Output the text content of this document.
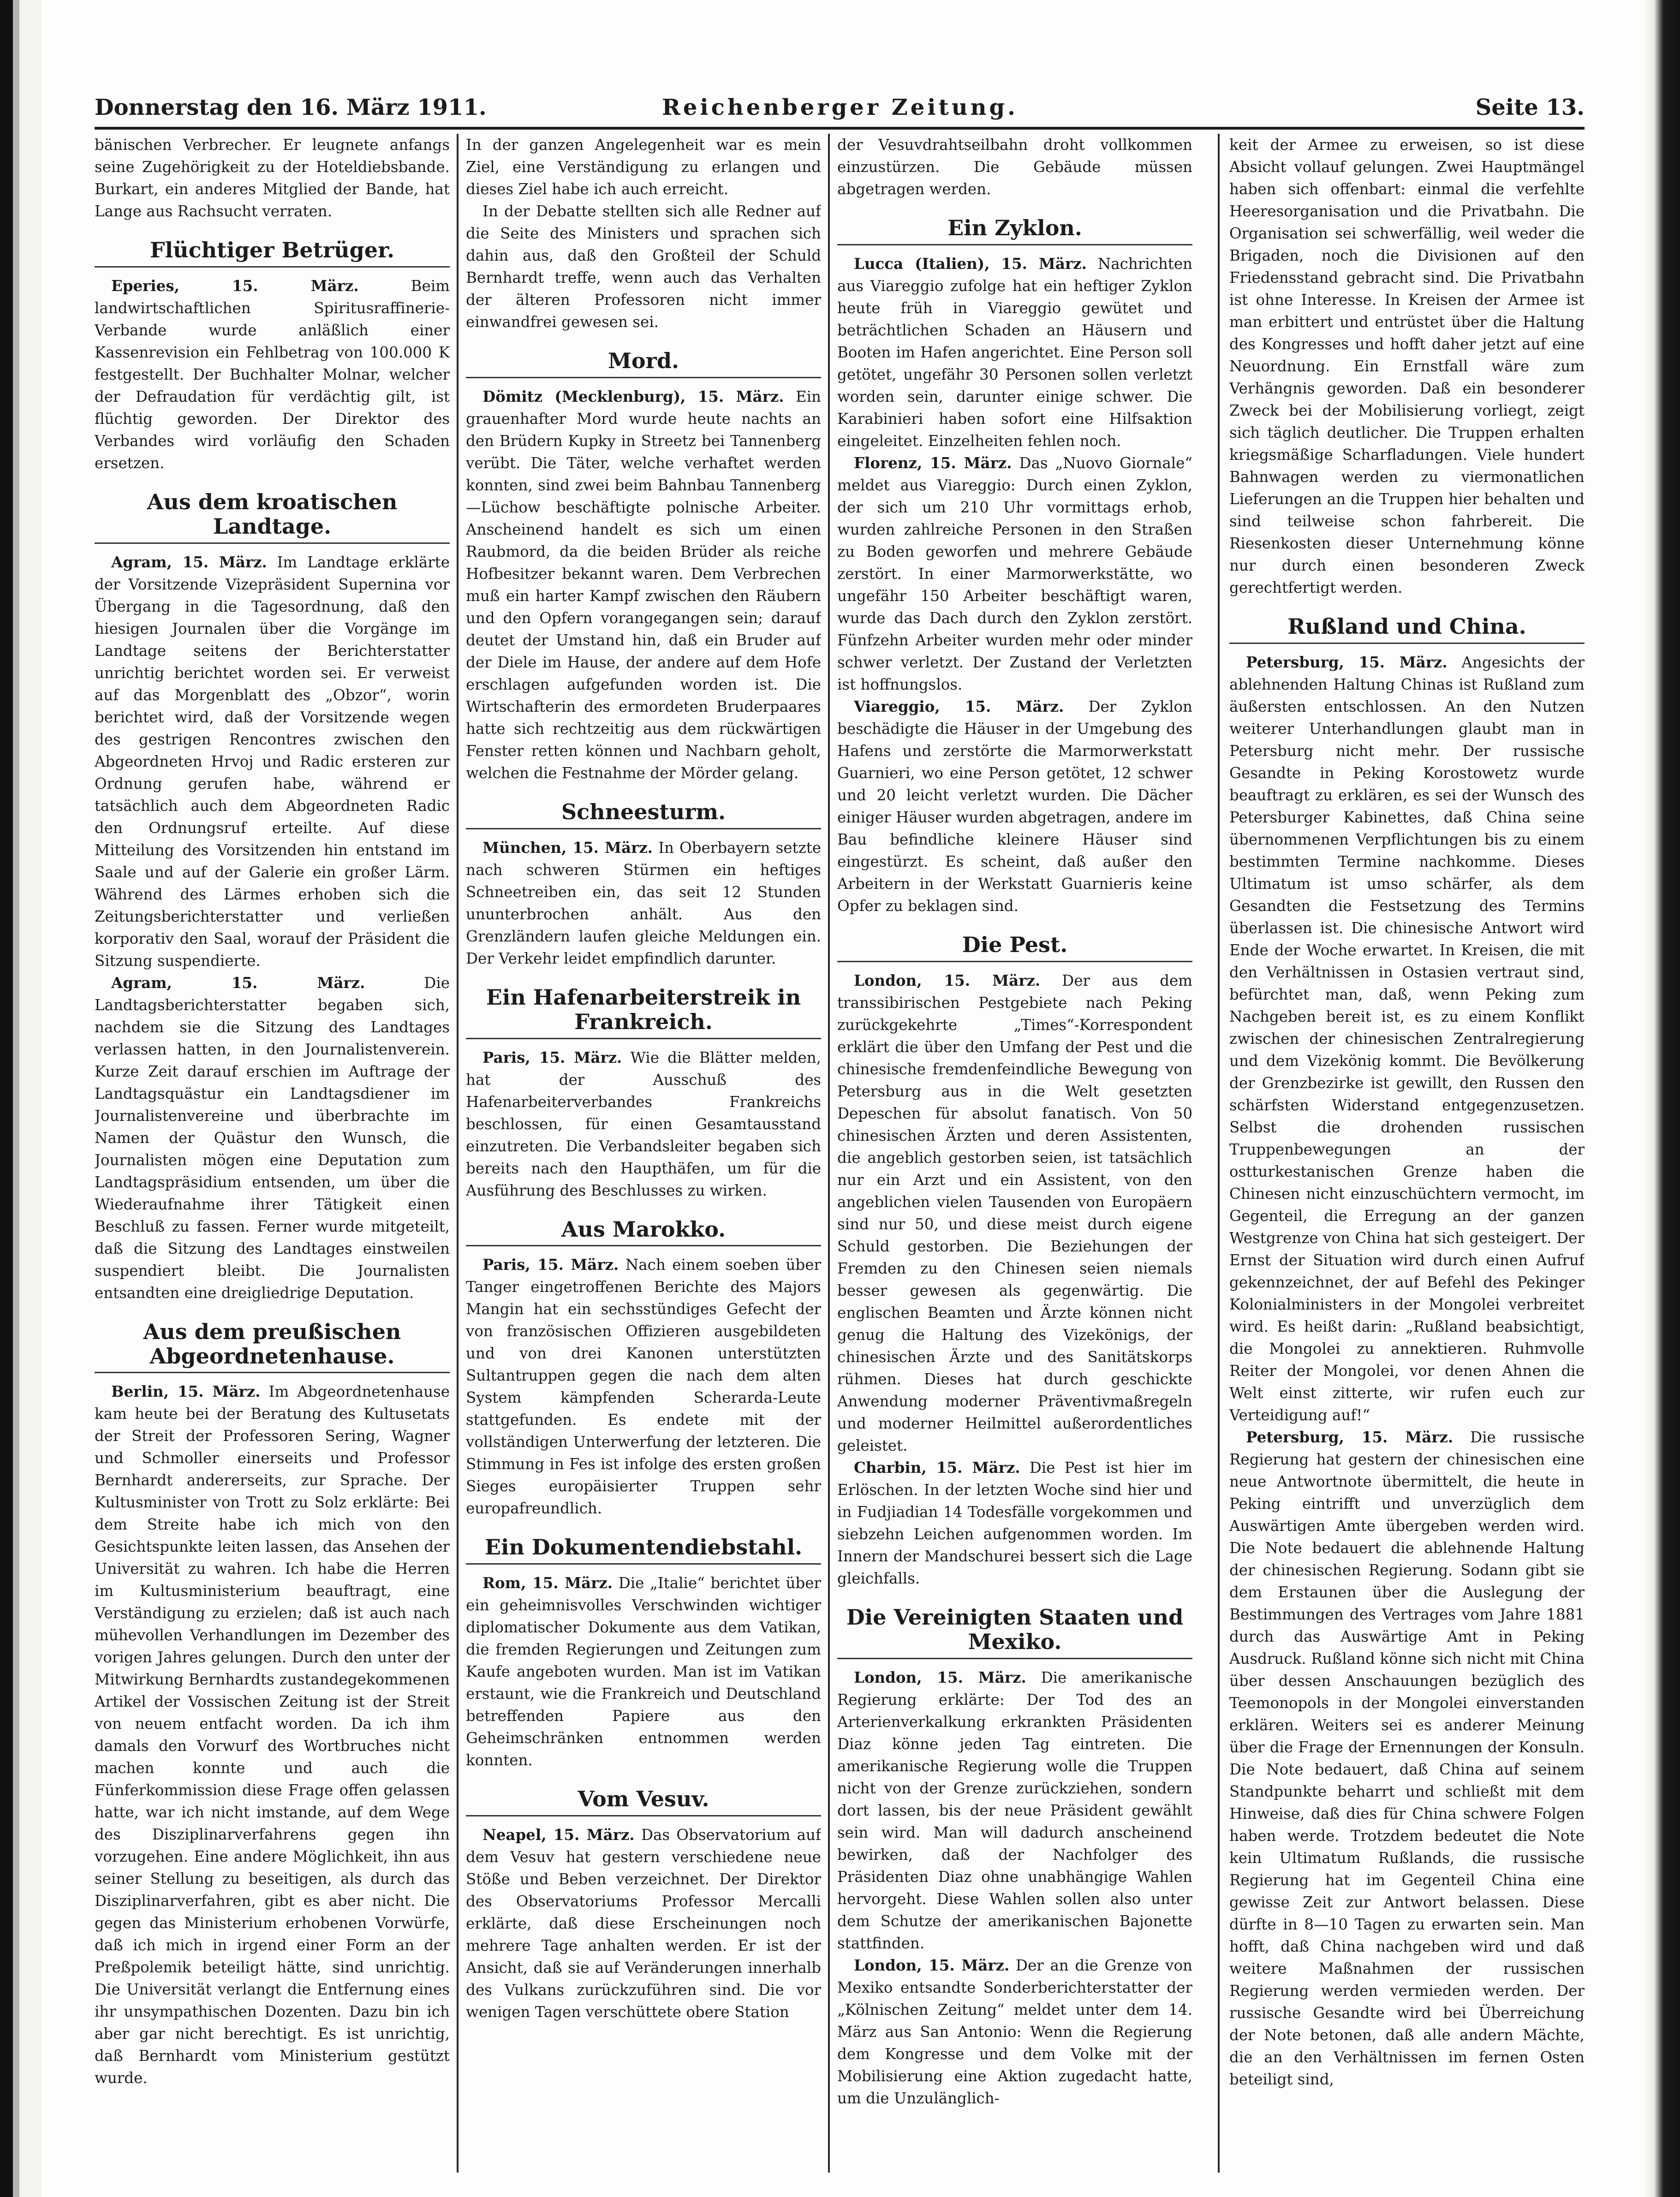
Donnerstag den 16. März 1911.	Reichenberger Zeitung.	Seite 13.

bänischen Verbrecher. Er leugnete anfangs seine Zugehörigkeit zu der Hoteldiebsbande. Burkart, ein anderes Mitglied der Bande, hat Lange aus Rachsucht verraten.

Flüchtiger Betrüger.

Eperies, 15. März.	Beim landwirtschaftlichen Spiritusraffinerie-Verbande wurde anläßlich einer Kassenrevision ein Fehlbetrag von 100.000 K festgestellt. Der Buchhalter Molnar, welcher der Defraudation für verdächtig gilt, ist flüchtig geworden. Der Direktor des Verbandes wird vorläufig den Schaden ersetzen.

Aus dem kroatischen Landtage.

Agram, 15. März. Im Landtage erklärte der Vorsitzende Vizepräsident Supernina vor Übergang in die Tagesordnung, daß den hiesigen Journalen über die Vorgänge im Landtage seitens der Berichterstatter unrichtig berichtet worden sei. Er verweist auf das Morgenblatt des „Obzor“, worin berichtet wird, daß der Vorsitzende wegen des gestrigen Rencontres zwischen den Abgeordneten Hrvoj und Radic ersteren zur Ordnung gerufen habe, während er tatsächlich auch dem Abgeordneten Radic den Ordnungsruf erteilte. Auf diese Mitteilung des Vorsitzenden hin entstand im Saale und auf der Galerie ein großer Lärm. Während des Lärmes erhoben sich die Zeitungsberichterstatter und verließen korporativ den Saal, worauf der Präsident die Sitzung suspendierte.

Agram, 15. März.	Die Landtagsberichterstatter begaben sich, nachdem sie die Sitzung des Landtages verlassen hatten, in den Journalistenverein. Kurze Zeit darauf erschien im Auftrage der Landtagsquästur ein Landtagsdiener im Journalistenvereine und überbrachte im Namen der Quästur den Wunsch, die Journalisten mögen eine Deputation zum Landtagspräsidium entsenden, um über die Wiederaufnahme ihrer Tätigkeit einen Beschluß zu fassen. Ferner wurde mitgeteilt, daß die Sitzung des Landtages einstweilen suspendiert bleibt. Die Journalisten entsandten eine dreigliedrige Deputation.

Aus dem preußischen Abgeordnetenhause.

Berlin, 15. März. Im Abgeordnetenhause kam heute bei der Beratung des Kultusetats der Streit der Professoren Sering, Wagner und Schmoller einerseits und Professor Bernhardt andererseits, zur Sprache. Der Kultusminister von Trott zu Solz erklärte: Bei dem Streite habe ich mich von den Gesichtspunkte leiten lassen, das Ansehen der Universität zu wahren. Ich habe die Herren im Kultusministerium beauftragt, eine Verständigung zu erzielen; daß ist auch nach mühevollen Verhandlungen im Dezember des vorigen Jahres gelungen. Durch den unter der Mitwirkung Bernhardts zustandegekommenen Artikel der Vossischen Zeitung ist der Streit von neuem entfacht worden. Da ich ihm damals den Vorwurf des Wortbruches nicht machen konnte und auch die Fünferkommission diese Frage offen gelassen hatte, war ich nicht imstande, auf dem Wege des Disziplinarverfahrens gegen ihn vorzugehen. Eine andere Möglichkeit, ihn aus seiner Stellung zu beseitigen, als durch das Disziplinarverfahren, gibt es aber nicht. Die gegen das Ministerium erhobenen Vorwürfe, daß ich mich in irgend einer Form an der Preßpolemik beteiligt hätte, sind unrichtig. Die Universität verlangt die Entfernung eines ihr unsympathischen Dozenten. Dazu bin ich aber gar nicht berechtigt. Es ist unrichtig, daß Bernhardt vom Ministerium gestützt wurde.

In der ganzen Angelegenheit war es mein Ziel, eine Verständigung zu erlangen und dieses Ziel habe ich auch erreicht.

In der Debatte stellten sich alle Redner auf die Seite des Ministers und sprachen sich dahin aus, daß den Großteil der Schuld Bernhardt treffe, wenn auch das Verhalten der älteren Professoren nicht immer einwandfrei gewesen sei.

Mord.

Dömitz (Mecklenburg), 15. März. Ein grauenhafter Mord wurde heute nachts an den Brüdern Kupky in Streetz bei Tannenberg verübt. Die Täter, welche verhaftet werden konnten, sind zwei beim Bahnbau Tannenberg—Lüchow beschäftigte polnische Arbeiter. Anscheinend handelt es sich um einen Raubmord, da die beiden Brüder als reiche Hofbesitzer bekannt waren. Dem Verbrechen muß ein harter Kampf zwischen den Räubern und den Opfern vorangegangen sein; darauf deutet der Umstand hin, daß ein Bruder auf der Diele im Hause, der andere auf dem Hofe erschlagen aufgefunden worden ist. Die Wirtschafterin des ermordeten Bruderpaares hatte sich rechtzeitig aus dem rückwärtigen Fenster retten können und Nachbarn geholt, welchen die Festnahme der Mörder gelang.

Schneesturm.

München, 15. März. In Oberbayern setzte nach schweren Stürmen ein heftiges Schneetreiben ein, das seit 12 Stunden ununterbrochen anhält. Aus den Grenzländern laufen gleiche Meldungen ein. Der Verkehr leidet empfindlich darunter.

Ein Hafenarbeiterstreik in Frankreich.

Paris, 15. März. Wie die Blätter melden, hat der Ausschuß des Hafenarbeiterverbandes Frankreichs beschlossen, für einen Gesamtausstand einzutreten. Die Verbandsleiter begaben sich bereits nach den Haupthäfen, um für die Ausführung des Beschlusses zu wirken.

Aus Marokko.

Paris, 15. März. Nach einem soeben über Tanger eingetroffenen Berichte des Majors Mangin hat ein sechsstündiges Gefecht der von französischen Offizieren ausgebildeten und von drei Kanonen unterstützten Sultantruppen gegen die nach dem alten System kämpfenden Scherarda-Leute stattgefunden. Es endete mit der vollständigen Unterwerfung der letzteren. Die Stimmung in Fes ist infolge des ersten großen Sieges europäisierter Truppen sehr europafreundlich.

Ein Dokumentendiebstahl.

Rom, 15. März. Die „Italie“ berichtet über ein geheimnisvolles Verschwinden wichtiger diplomatischer Dokumente aus dem Vatikan, die fremden Regierungen und Zeitungen zum Kaufe angeboten wurden. Man ist im Vatikan erstaunt, wie die Frankreich und Deutschland betreffenden Papiere aus den Geheimschränken entnommen werden konnten.

Vom Vesuv.

Neapel, 15. März. Das Observatorium auf dem Vesuv hat gestern verschiedene neue Stöße und Beben verzeichnet. Der Direktor des Observatoriums Professor Mercalli erklärte, daß diese Erscheinungen noch mehrere Tage anhalten werden. Er ist der Ansicht, daß sie auf Veränderungen innerhalb des Vulkans zurückzuführen sind. Die vor wenigen Tagen verschüttete obere Station

der Vesuvdrahtseilbahn droht vollkommen einzustürzen. Die Gebäude müssen abgetragen werden.

Ein Zyklon.

Lucca (Italien), 15. März. Nachrichten aus Viareggio zufolge hat ein heftiger Zyklon heute früh in Viareggio gewütet und beträchtlichen Schaden an Häusern und Booten im Hafen angerichtet. Eine Person soll getötet, ungefähr 30 Personen sollen verletzt worden sein, darunter einige schwer. Die Karabinieri haben sofort eine Hilfsaktion eingeleitet. Einzelheiten fehlen noch.

Florenz, 15. März. Das „Nuovo Giornale“ meldet aus Viareggio: Durch einen Zyklon, der sich um 210 Uhr vormittags erhob, wurden zahlreiche Personen in den Straßen zu Boden geworfen und mehrere Gebäude zerstört. In einer Marmorwerkstätte, wo ungefähr 150 Arbeiter beschäftigt waren, wurde das Dach durch den Zyklon zerstört. Fünfzehn Arbeiter wurden mehr oder minder schwer verletzt. Der Zustand der Verletzten ist hoffnungslos.

Viareggio, 15. März. Der Zyklon beschädigte die Häuser in der Umgebung des Hafens und zerstörte die Marmorwerkstatt Guarnieri, wo eine Person getötet, 12 schwer und 20 leicht verletzt wurden. Die Dächer einiger Häuser wurden abgetragen, andere im Bau befindliche kleinere Häuser sind eingestürzt. Es scheint, daß außer den Arbeitern in der Werkstatt Guarnieris keine Opfer zu beklagen sind.

Die Pest.

London, 15. März. Der aus dem transsibirischen Pestgebiete nach Peking zurückgekehrte „Times“-Korrespondent erklärt die über den Umfang der Pest und die chinesische fremdenfeindliche Bewegung von Petersburg aus in die Welt gesetzten Depeschen für absolut fanatisch. Von 50 chinesischen Ärzten und deren Assistenten, die angeblich gestorben seien, ist tatsächlich nur ein Arzt und ein Assistent, von den angeblichen vielen Tausenden von Europäern sind nur 50, und diese meist durch eigene Schuld gestorben. Die Beziehungen der Fremden zu den Chinesen seien niemals besser gewesen als gegenwärtig. Die englischen Beamten und Ärzte können nicht genug die Haltung des Vizekönigs, der chinesischen Ärzte und des Sanitätskorps rühmen. Dieses hat durch geschickte Anwendung moderner Präventivmaßregeln und moderner Heilmittel außerordentliches geleistet.

Charbin, 15. März. Die Pest ist hier im Erlöschen. In der letzten Woche sind hier und in Fudjiadian 14 Todesfälle vorgekommen und siebzehn Leichen aufgenommen worden. Im Innern der Mandschurei bessert sich die Lage gleichfalls.

Die Vereinigten Staaten und Mexiko.

London, 15. März. Die amerikanische Regierung erklärte: Der Tod des an Arterienverkalkung erkrankten Präsidenten Diaz könne jeden Tag eintreten. Die amerikanische Regierung wolle die Truppen nicht von der Grenze zurückziehen, sondern dort lassen, bis der neue Präsident gewählt sein wird. Man will dadurch anscheinend bewirken, daß der Nachfolger des Präsidenten Diaz ohne unabhängige Wahlen hervorgeht. Diese Wahlen sollen also unter dem Schutze der amerikanischen Bajonette stattfinden.

London, 15. März. Der an die Grenze von Mexiko entsandte Sonderberichterstatter der „Kölnischen Zeitung“ meldet unter dem 14. März aus San Antonio: Wenn die Regierung dem Kongresse und dem Volke mit der Mobilisierung eine Aktion zugedacht hatte, um die Unzulänglich-

keit der Armee zu erweisen, so ist diese Absicht vollauf gelungen. Zwei Hauptmängel haben sich offenbart: einmal die verfehlte Heeresorganisation und die Privatbahn. Die Organisation sei schwerfällig, weil weder die Brigaden, noch die Divisionen auf den Friedensstand gebracht sind. Die Privatbahn ist ohne Interesse. In Kreisen der Armee ist man erbittert und entrüstet über die Haltung des Kongresses und hofft daher jetzt auf eine Neuordnung. Ein Ernstfall wäre zum Verhängnis geworden. Daß ein besonderer Zweck bei der Mobilisierung vorliegt, zeigt sich täglich deutlicher. Die Truppen erhalten kriegsmäßige Scharfladungen. Viele hundert Bahnwagen werden zu viermonatlichen Lieferungen an die Truppen hier behalten und sind teilweise schon fahrbereit. Die Riesenkosten dieser Unternehmung könne nur durch einen besonderen Zweck gerechtfertigt werden.

Rußland und China.

Petersburg, 15. März. Angesichts der ablehnenden Haltung Chinas ist Rußland zum äußersten entschlossen. An den Nutzen weiterer Unterhandlungen glaubt man in Petersburg nicht mehr. Der russische Gesandte in Peking Korostowetz wurde beauftragt zu erklären, es sei der Wunsch des Petersburger Kabinettes, daß China seine übernommenen Verpflichtungen bis zu einem bestimmten Termine nachkomme. Dieses Ultimatum ist umso schärfer, als dem Gesandten die Festsetzung des Termins überlassen ist. Die chinesische Antwort wird Ende der Woche erwartet. In Kreisen, die mit den Verhältnissen in Ostasien vertraut sind, befürchtet man, daß, wenn Peking zum Nachgeben bereit ist, es zu einem Konflikt zwischen der chinesischen Zentralregierung und dem Vizekönig kommt. Die Bevölkerung der Grenzbezirke ist gewillt, den Russen den schärfsten Widerstand entgegenzusetzen. Selbst die drohenden russischen Truppenbewegungen an der ostturkestanischen Grenze haben die Chinesen nicht einzuschüchtern vermocht, im Gegenteil, die Erregung an der ganzen Westgrenze von China hat sich gesteigert. Der Ernst der Situation wird durch einen Aufruf gekennzeichnet, der auf Befehl des Pekinger Kolonialministers in der Mongolei verbreitet wird. Es heißt darin: „Rußland beabsichtigt, die Mongolei zu annektieren. Ruhmvolle Reiter der Mongolei, vor denen Ahnen die Welt einst zitterte, wir rufen euch zur Verteidigung auf!“

Petersburg, 15. März. Die russische Regierung hat gestern der chinesischen eine neue Antwortnote übermittelt, die heute in Peking eintrifft und unverzüglich dem Auswärtigen Amte übergeben werden wird. Die Note bedauert die ablehnende Haltung der chinesischen Regierung. Sodann gibt sie dem Erstaunen über die Auslegung der Bestimmungen des Vertrages vom Jahre 1881 durch das Auswärtige Amt in Peking Ausdruck. Rußland könne sich nicht mit China über dessen Anschauungen bezüglich des Teemonopols in der Mongolei einverstanden erklären. Weiters sei es anderer Meinung über die Frage der Ernennungen der Konsuln. Die Note bedauert, daß China auf seinem Standpunkte beharrt und schließt mit dem Hinweise, daß dies für China schwere Folgen haben werde. Trotzdem bedeutet die Note kein Ultimatum Rußlands, die russische Regierung hat im Gegenteil China eine gewisse Zeit zur Antwort belassen. Diese dürfte in 8—10 Tagen zu erwarten sein. Man hofft, daß China nachgeben wird und daß weitere Maßnahmen der russischen Regierung werden vermieden werden. Der russische Gesandte wird bei Überreichung der Note betonen, daß alle andern Mächte, die an den Verhältnissen im fernen Osten beteiligt sind,
